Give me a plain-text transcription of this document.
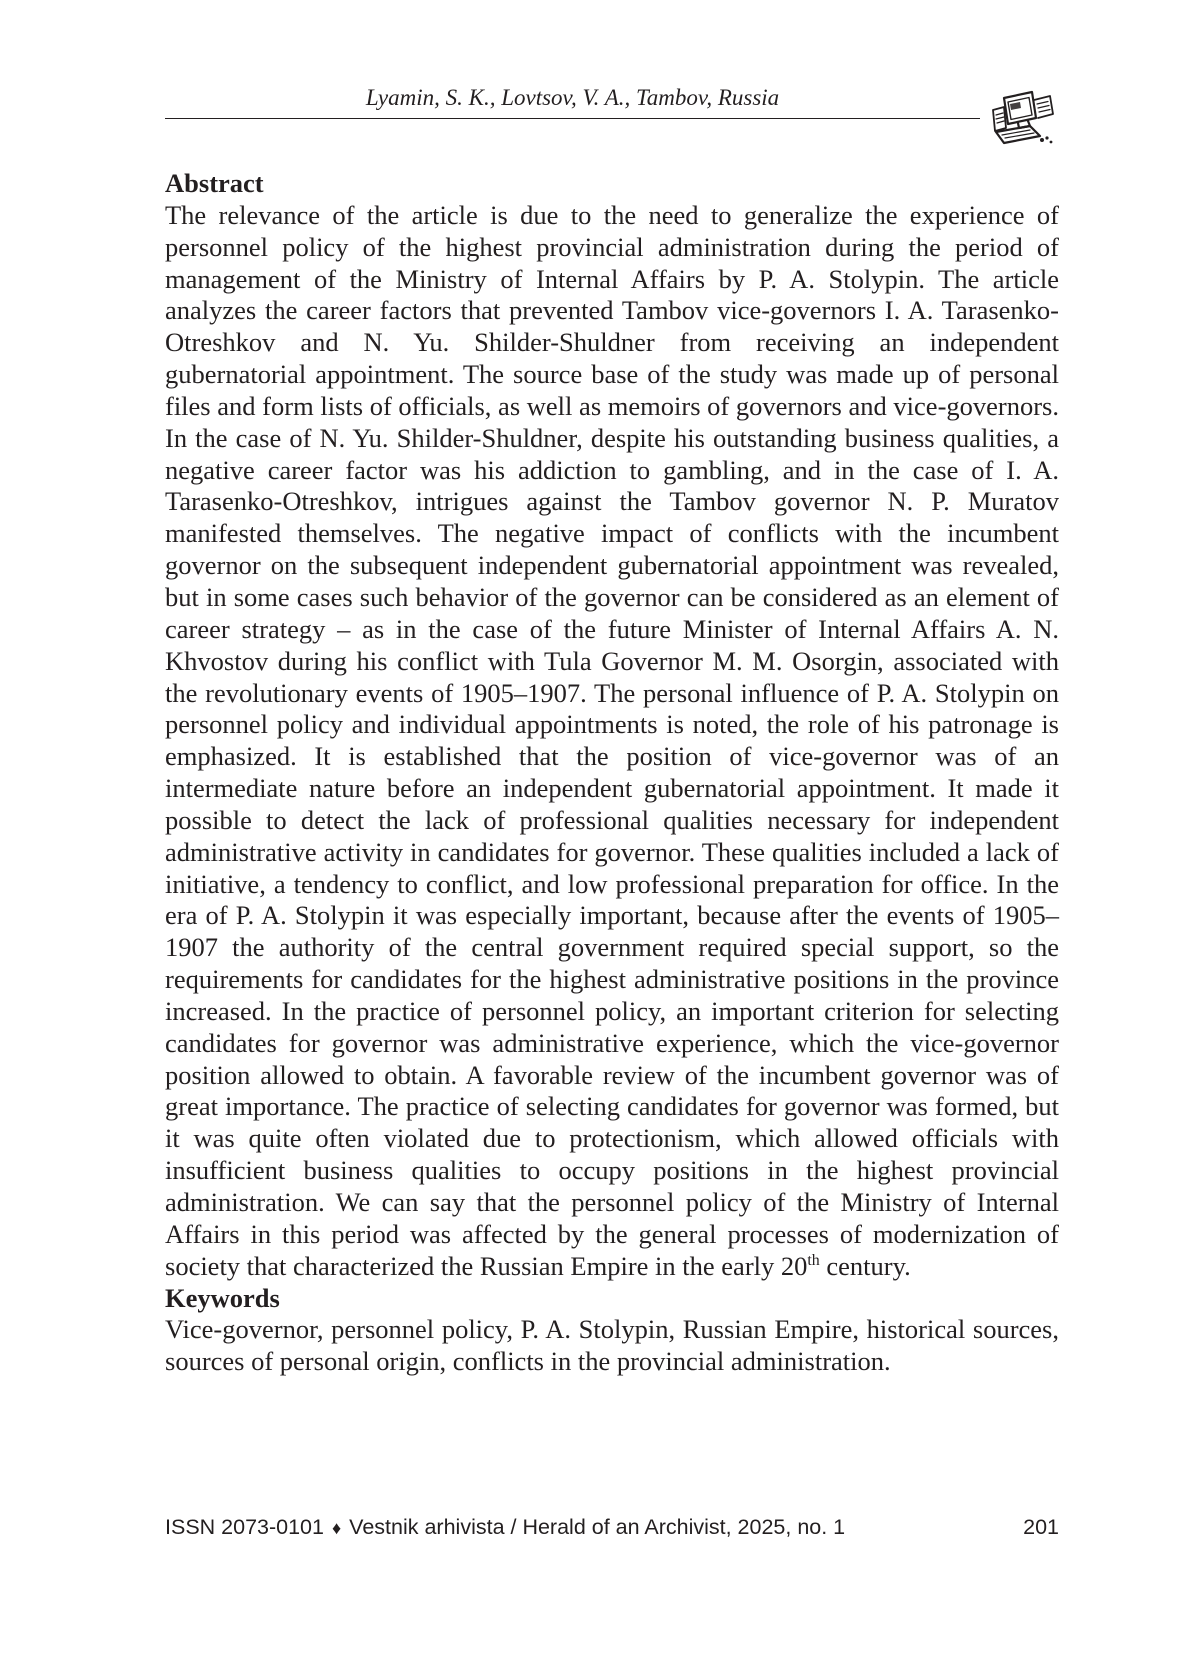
Lyamin, S. K., Lovtsov, V. A., Tambov, Russia
Abstract

The relevance of the article is due to the need to generalize the experience of personnel policy of the highest provincial administration during the period of management of the Ministry of Internal Affairs by P. A. Stolypin. The article analyzes the career factors that prevented Tambov vice-governors I. A. Tarasenko-Otreshkov and N. Yu. Shilder-Shuldner from receiving an independent gubernatorial appointment. The source base of the study was made up of personal files and form lists of officials, as well as memoirs of governors and vice-governors. In the case of N. Yu. Shilder-Shuldner, despite his outstanding business qualities, a negative career factor was his addiction to gambling, and in the case of I. A. Tarasenko-Otreshkov, intrigues against the Tambov governor N. P. Muratov manifested themselves. The negative impact of conflicts with the incumbent governor on the subsequent independent gubernatorial appointment was revealed, but in some cases such behavior of the governor can be considered as an element of career strategy – as in the case of the future Minister of Internal Affairs A. N. Khvostov during his conflict with Tula Governor M. M. Osorgin, associated with the revolutionary events of 1905–1907. The personal influence of P. A. Stolypin on personnel policy and individual appointments is noted, the role of his patronage is emphasized. It is established that the position of vice-governor was of an intermediate nature before an independent gubernatorial appointment. It made it possible to detect the lack of professional qualities necessary for independent administrative activity in candidates for governor. These qualities included a lack of initiative, a tendency to conflict, and low professional preparation for office. In the era of P. A. Stolypin it was especially important, because after the events of 1905–1907 the authority of the central government required special support, so the requirements for candidates for the highest administrative positions in the province increased. In the practice of personnel policy, an important criterion for selecting candidates for governor was administrative experience, which the vice-governor position allowed to obtain. A favorable review of the incumbent governor was of great importance. The practice of selecting candidates for governor was formed, but it was quite often violated due to protectionism, which allowed officials with insufficient business qualities to occupy positions in the highest provincial administration. We can say that the personnel policy of the Ministry of Internal Affairs in this period was affected by the general processes of modernization of society that characterized the Russian Empire in the early 20th century.

Keywords

Vice-governor, personnel policy, P. A. Stolypin, Russian Empire, historical sources, sources of personal origin, conflicts in the provincial administration.

ISSN 2073-0101 ♦ Vestnik arhivista / Herald of an Archivist, 2025, no. 1	201
